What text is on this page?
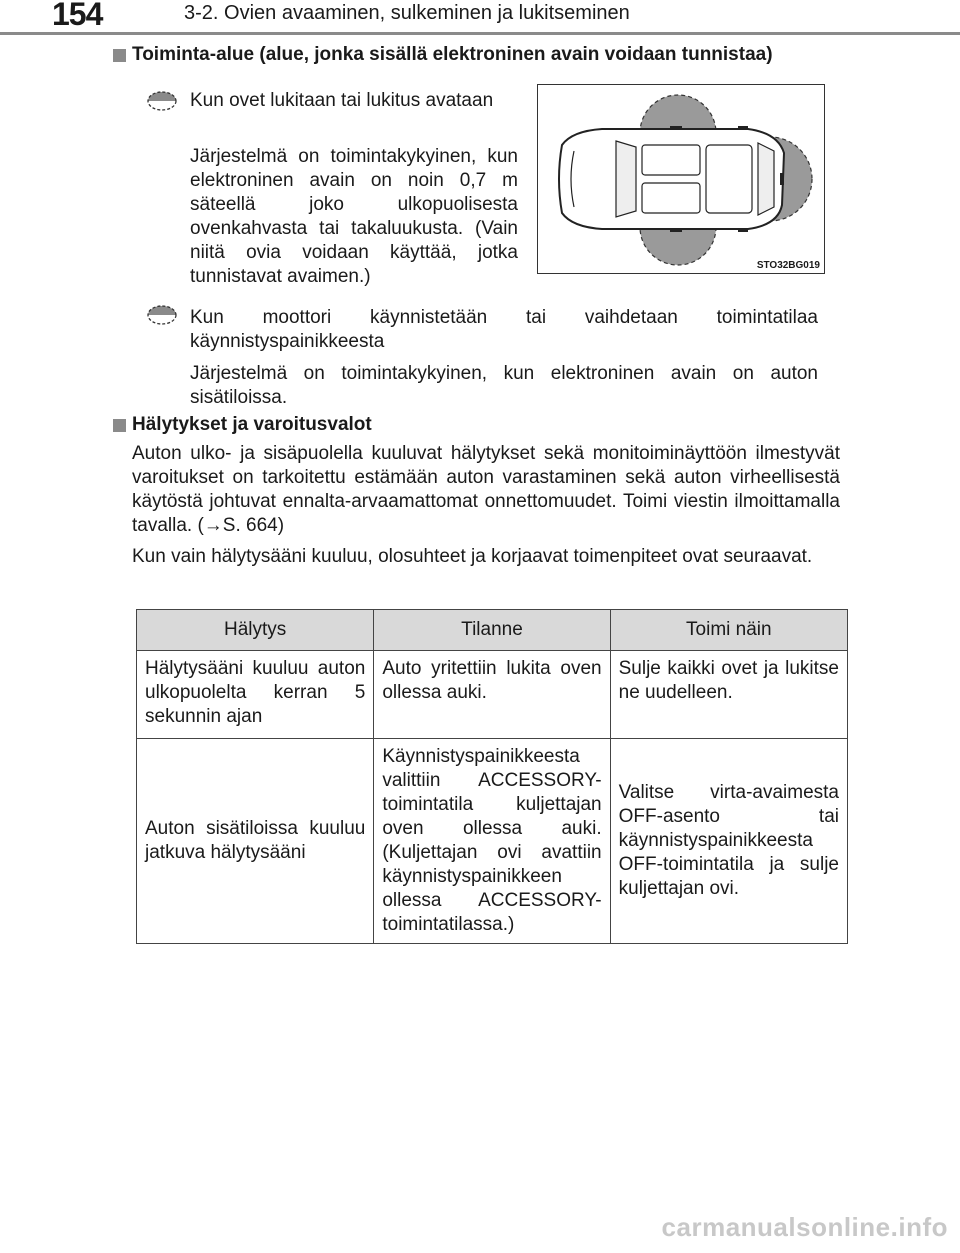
154	3-2. Ovien avaaminen, sulkeminen ja lukitseminen
Toiminta-alue (alue, jonka sisällä elektroninen avain voidaan tunnistaa)

Kun ovet lukitaan tai lukitus avataan

Järjestelmä on toimintakykyinen, kun elektroninen avain on noin 0,7 m säteellä joko ulkopuolisesta ovenkahvasta tai takaluukusta. (Vain niitä ovia voidaan käyttää, jotka tunnistavat avaimen.)

STO32BG019

Kun moottori käynnistetään tai vaihdetaan toimintatilaa käynnistyspainikkeesta

Järjestelmä on toimintakykyinen, kun elektroninen avain on auton sisätiloissa.

Hälytykset ja varoitusvalot

Auton ulko- ja sisäpuolella kuuluvat hälytykset sekä monitoiminäyttöön ilmestyvät varoitukset on tarkoitettu estämään auton varastaminen sekä auton virheellisestä käytöstä johtuvat ennalta-arvaamattomat onnettomuudet. Toimi viestin ilmoittamalla tavalla. (→S. 664)

Kun vain hälytysääni kuuluu, olosuhteet ja korjaavat toimenpiteet ovat seuraavat.

Hälytys	Tilanne	Toimi näin
Hälytysääni kuuluu auton ulkopuolelta kerran 5 sekunnin ajan	Auto yritettiin lukita oven ollessa auki.	Sulje kaikki ovet ja lukitse ne uudelleen.
Auton sisätiloissa kuuluu jatkuva hälytysääni	Käynnistyspainikkeesta valittiin ACCESSORY-toimintatila kuljettajan oven ollessa auki. (Kuljettajan ovi avattiin käynnistyspainikkeen ollessa ACCESSORY-toimintatilassa.)	Valitse virta-avaimesta OFF-asento tai käynnistyspainikkeesta OFF-toimintatila ja sulje kuljettajan ovi.
carmanualsonline.info
